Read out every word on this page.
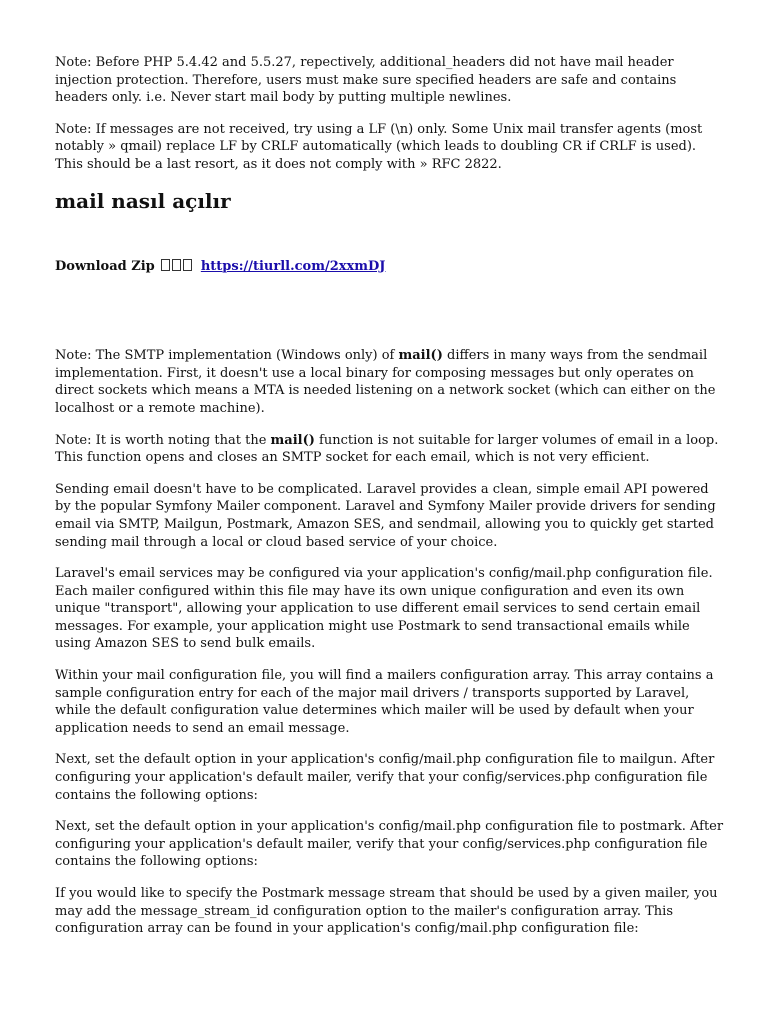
Note: Before PHP 5.4.42 and 5.5.27, repectively, additional_headers did not have mail header injection protection. Therefore, users must make sure specified headers are safe and contains headers only. i.e. Never start mail body by putting multiple newlines.

Note: If messages are not received, try using a LF (\n) only. Some Unix mail transfer agents (most notably » qmail) replace LF by CRLF automatically (which leads to doubling CR if CRLF is used). This should be a last resort, as it does not comply with » RFC 2822.

mail nasıl açılır
Download Zip	https://tiurll.com/2xxmDJ

Note: The SMTP implementation (Windows only) of mail() differs in many ways from the sendmail implementation. First, it doesn't use a local binary for composing messages but only operates on direct sockets which means a MTA is needed listening on a network socket (which can either on the localhost or a remote machine).

Note: It is worth noting that the mail() function is not suitable for larger volumes of email in a loop. This function opens and closes an SMTP socket for each email, which is not very efficient.

Sending email doesn't have to be complicated. Laravel provides a clean, simple email API powered by the popular Symfony Mailer component. Laravel and Symfony Mailer provide drivers for sending email via SMTP, Mailgun, Postmark, Amazon SES, and sendmail, allowing you to quickly get started sending mail through a local or cloud based service of your choice.

Laravel's email services may be configured via your application's config/mail.php configuration file. Each mailer configured within this file may have its own unique configuration and even its own unique "transport", allowing your application to use different email services to send certain email messages. For example, your application might use Postmark to send transactional emails while using Amazon SES to send bulk emails.

Within your mail configuration file, you will find a mailers configuration array. This array contains a sample configuration entry for each of the major mail drivers / transports supported by Laravel, while the default configuration value determines which mailer will be used by default when your application needs to send an email message.

Next, set the default option in your application's config/mail.php configuration file to mailgun. After configuring your application's default mailer, verify that your config/services.php configuration file contains the following options:

Next, set the default option in your application's config/mail.php configuration file to postmark. After configuring your application's default mailer, verify that your config/services.php configuration file contains the following options:

If you would like to specify the Postmark message stream that should be used by a given mailer, you may add the message_stream_id configuration option to the mailer's configuration array. This configuration array can be found in your application's config/mail.php configuration file:
